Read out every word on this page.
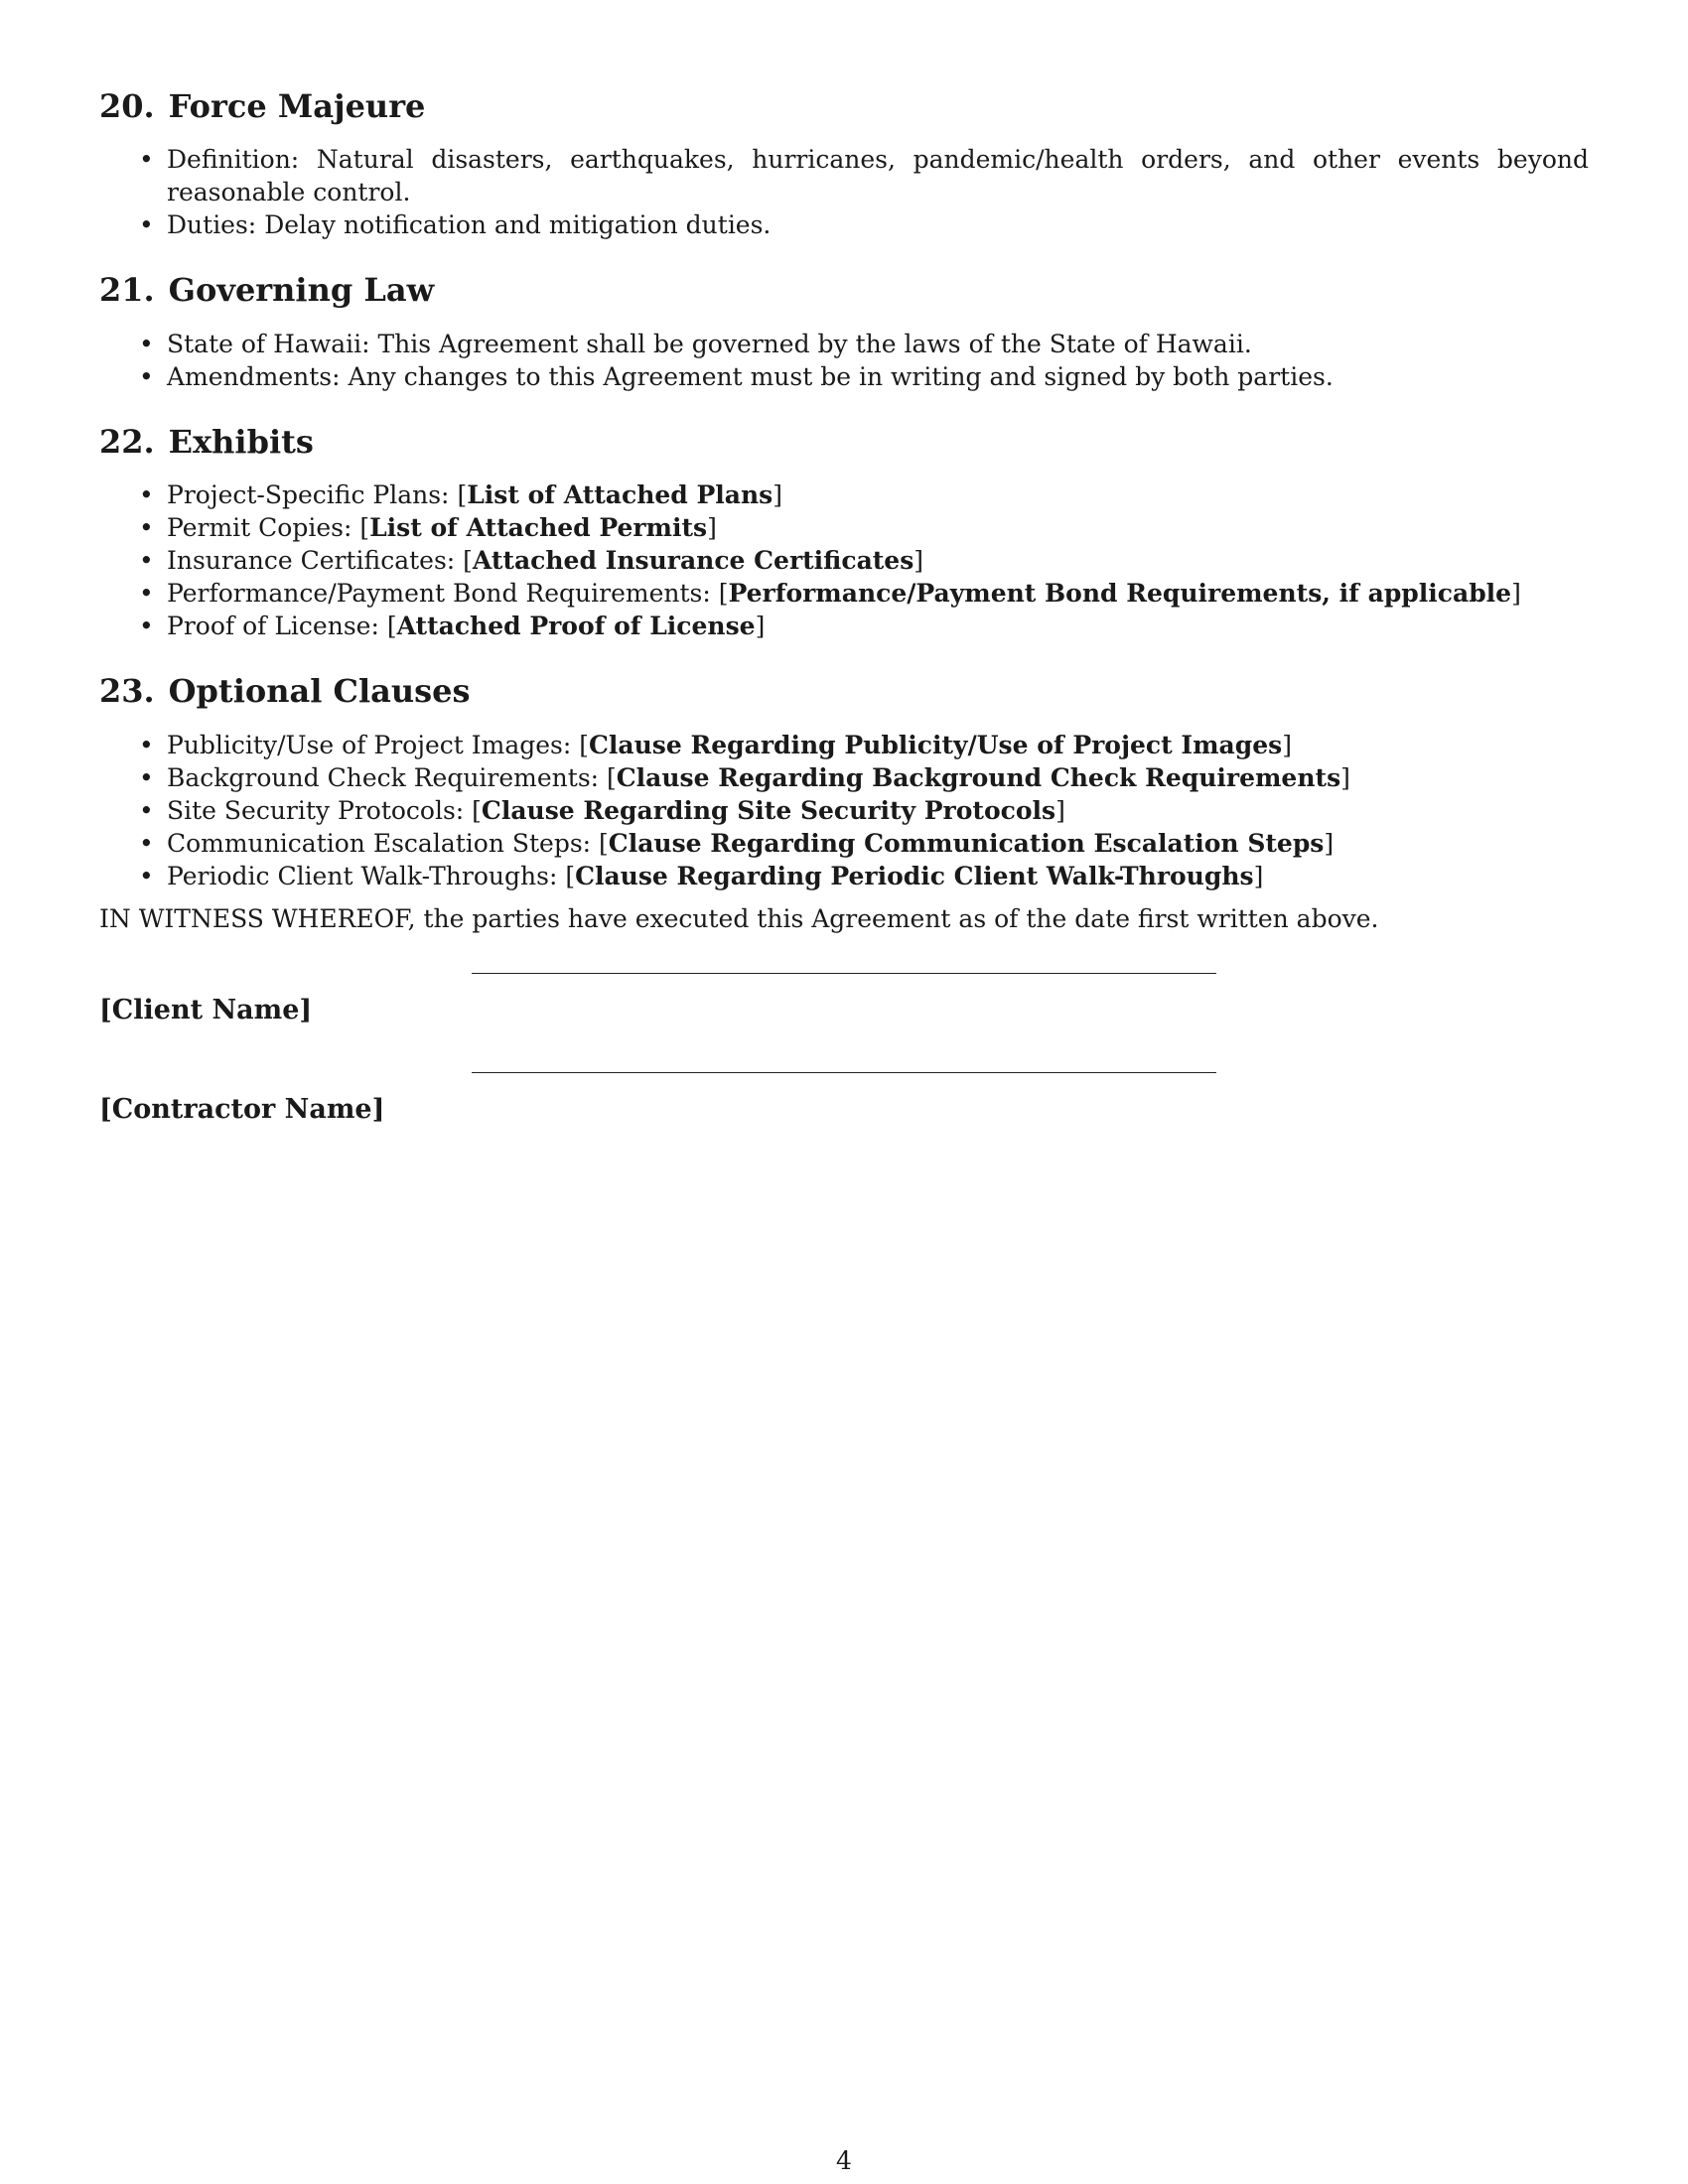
20. Force Majeure
• Definition: Natural disasters, earthquakes, hurricanes, pandemic/health orders, and other events beyond reasonable control.
• Duties: Delay notification and mitigation duties.
21. Governing Law
• State of Hawaii: This Agreement shall be governed by the laws of the State of Hawaii.
• Amendments: Any changes to this Agreement must be in writing and signed by both parties.
22. Exhibits
• Project-Specific Plans: [List of Attached Plans]
• Permit Copies: [List of Attached Permits]
• Insurance Certificates: [Attached Insurance Certificates]
• Performance/Payment Bond Requirements: [Performance/Payment Bond Requirements, if applicable]
• Proof of License: [Attached Proof of License]
23. Optional Clauses
• Publicity/Use of Project Images: [Clause Regarding Publicity/Use of Project Images]
• Background Check Requirements: [Clause Regarding Background Check Requirements]
• Site Security Protocols: [Clause Regarding Site Security Protocols]
• Communication Escalation Steps: [Clause Regarding Communication Escalation Steps]
• Periodic Client Walk-Throughs: [Clause Regarding Periodic Client Walk-Throughs]

IN WITNESS WHEREOF, the parties have executed this Agreement as of the date first written above.

[Client Name]
[Contractor Name]
4
